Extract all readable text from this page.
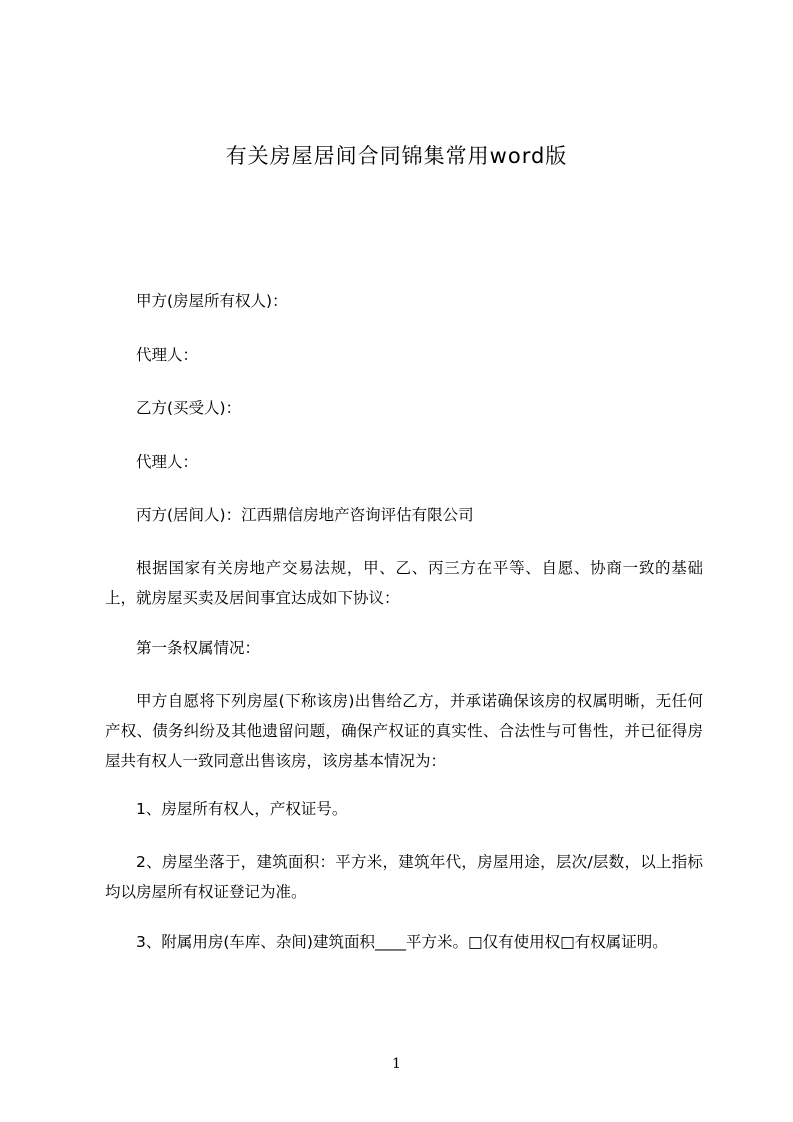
有关房屋居间合同锦集常用word版

甲方(房屋所有权人)：

代理人：

乙方(买受人)：

代理人：

丙方(居间人)：江西鼎信房地产咨询评估有限公司

根据国家有关房地产交易法规，甲、乙、丙三方在平等、自愿、协商一致的基础上，就房屋买卖及居间事宜达成如下协议：

第一条权属情况：

甲方自愿将下列房屋(下称该房)出售给乙方，并承诺确保该房的权属明晰，无任何产权、债务纠纷及其他遗留问题，确保产权证的真实性、合法性与可售性，并已征得房屋共有权人一致同意出售该房，该房基本情况为：

1、房屋所有权人，产权证号。

2、房屋坐落于，建筑面积：平方米，建筑年代，房屋用途，层次/层数，以上指标均以房屋所有权证登记为准。

3、附属用房(车库、杂间)建筑面积____平方米。□仅有使用权□有权属证明。

1
